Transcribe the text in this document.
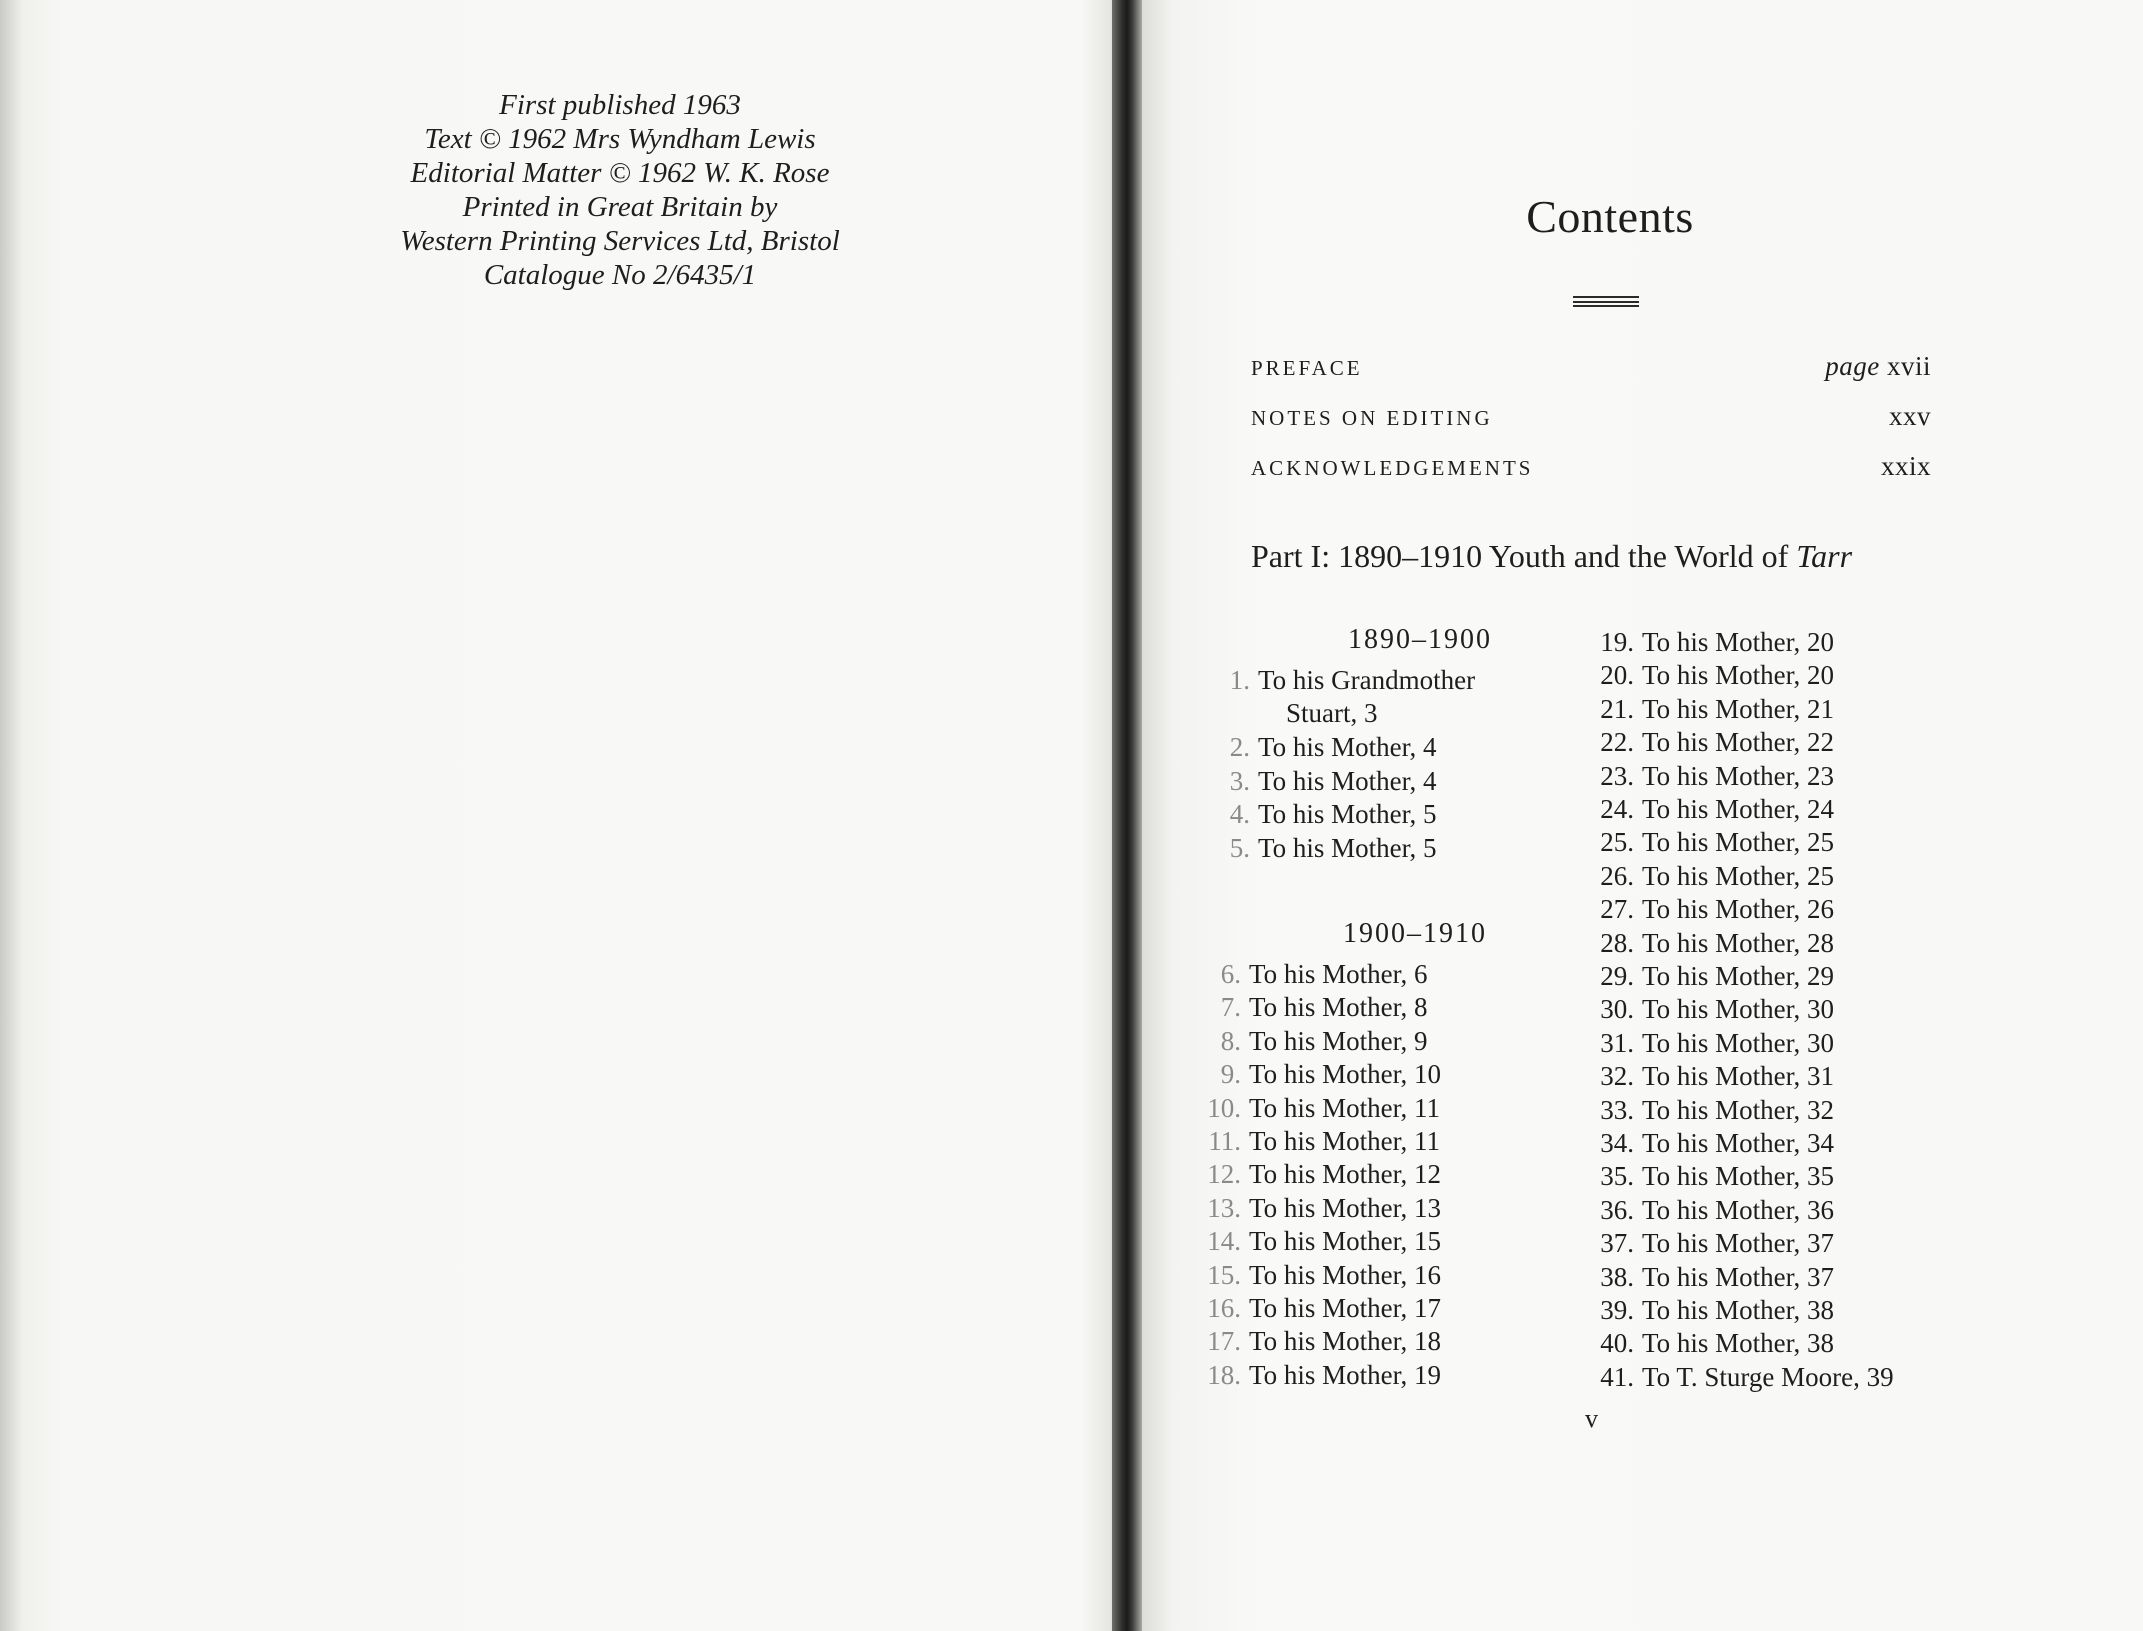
First published 1963
Text © 1962 Mrs Wyndham Lewis
Editorial Matter © 1962 W. K. Rose
Printed in Great Britain by
Western Printing Services Ltd, Bristol
Catalogue No 2/6435/1
Contents
PREFACE	page xvii
NOTES ON EDITING	xxv
ACKNOWLEDGEMENTS	xxix
Part I: 1890–1910 Youth and the World of Tarr
1890–1900
1900–1910
1. To his Grandmother
Stuart, 3
2. To his Mother, 4
3. To his Mother, 4
4. To his Mother, 5
5. To his Mother, 5
6. To his Mother, 6
7. To his Mother, 8
8. To his Mother, 9
9. To his Mother, 10
10. To his Mother, 11
11. To his Mother, 11
12. To his Mother, 12
13. To his Mother, 13
14. To his Mother, 15
15. To his Mother, 16
16. To his Mother, 17
17. To his Mother, 18
18. To his Mother, 19
19. To his Mother, 20
20. To his Mother, 20
21. To his Mother, 21
22. To his Mother, 22
23. To his Mother, 23
24. To his Mother, 24
25. To his Mother, 25
26. To his Mother, 25
27. To his Mother, 26
28. To his Mother, 28
29. To his Mother, 29
30. To his Mother, 30
31. To his Mother, 30
32. To his Mother, 31
33. To his Mother, 32
34. To his Mother, 34
35. To his Mother, 35
36. To his Mother, 36
37. To his Mother, 37
38. To his Mother, 37
39. To his Mother, 38
40. To his Mother, 38
41. To T. Sturge Moore, 39
v
